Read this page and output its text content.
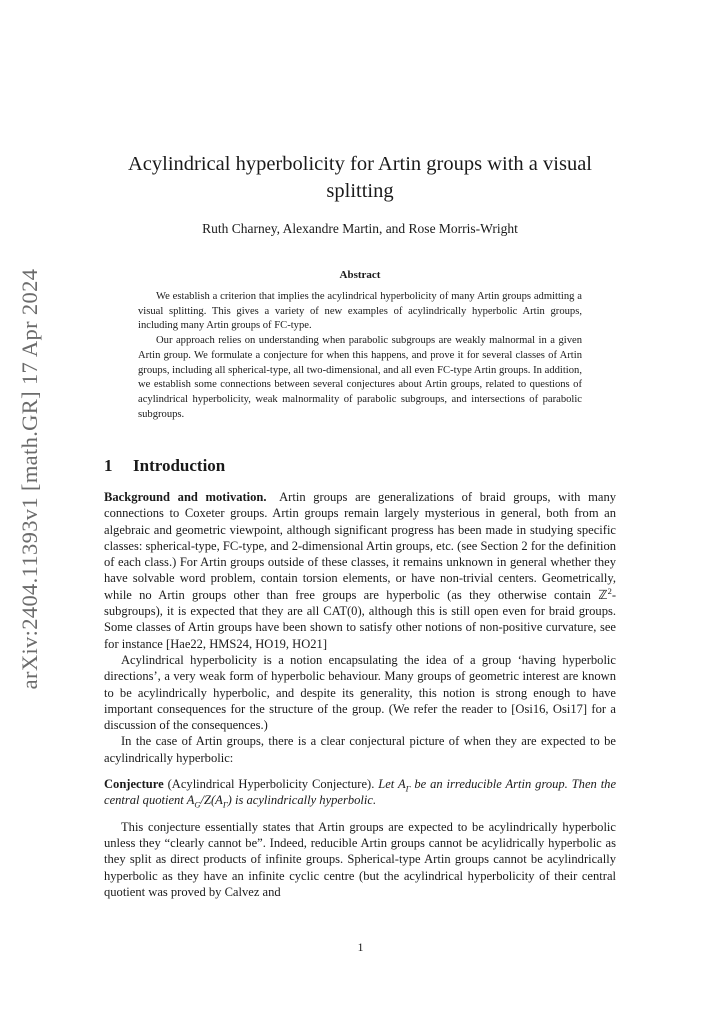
arXiv:2404.11393v1 [math.GR] 17 Apr 2024
Acylindrical hyperbolicity for Artin groups with a visual splitting
Ruth Charney, Alexandre Martin, and Rose Morris-Wright
Abstract

We establish a criterion that implies the acylindrical hyperbolicity of many Artin groups admitting a visual splitting. This gives a variety of new examples of acylindrically hyperbolic Artin groups, including many Artin groups of FC-type.

Our approach relies on understanding when parabolic subgroups are weakly malnormal in a given Artin group. We formulate a conjecture for when this happens, and prove it for several classes of Artin groups, including all spherical-type, all two-dimensional, and all even FC-type Artin groups. In addition, we establish some connections between several conjectures about Artin groups, related to questions of acylindrical hyperbolicity, weak malnormality of parabolic subgroups, and intersections of parabolic subgroups.

1 Introduction

Background and motivation.  Artin groups are generalizations of braid groups, with many connections to Coxeter groups. Artin groups remain largely mysterious in general, both from an algebraic and geometric viewpoint, although significant progress has been made in studying specific classes: spherical-type, FC-type, and 2-dimensional Artin groups, etc. (see Section 2 for the definition of each class.) For Artin groups outside of these classes, it remains unknown in general whether they have solvable word problem, contain torsion elements, or have non-trivial centers. Geometrically, while no Artin groups other than free groups are hyperbolic (as they otherwise contain ℤ$^2$-subgroups), it is expected that they are all CAT(0), although this is still open even for braid groups. Some classes of Artin groups have been shown to satisfy other notions of non-positive curvature, see for instance [Hae22, HMS24, HO19, HO21]

Acylindrical hyperbolicity is a notion encapsulating the idea of a group ‘having hyperbolic directions’, a very weak form of hyperbolic behaviour. Many groups of geometric interest are known to be acylindrically hyperbolic, and despite its generality, this notion is strong enough to have important consequences for the structure of the group. (We refer the reader to [Osi16, Osi17] for a discussion of the consequences.)

In the case of Artin groups, there is a clear conjectural picture of when they are expected to be acylindrically hyperbolic:

Conjecture (Acylindrical Hyperbolicity Conjecture). Let $A_\Gamma$ be an irreducible Artin group. Then the central quotient $A_G/Z(A_\Gamma)$ is acylindrically hyperbolic.

This conjecture essentially states that Artin groups are expected to be acylindrically hyperbolic unless they “clearly cannot be”. Indeed, reducible Artin groups cannot be acylidrically hyperbolic as they split as direct products of infinite groups. Spherical-type Artin groups cannot be acylindrically hyperbolic as they have an infinite cyclic centre (but the acylindrical hyperbolicity of their central quotient was proved by Calvez and

1
